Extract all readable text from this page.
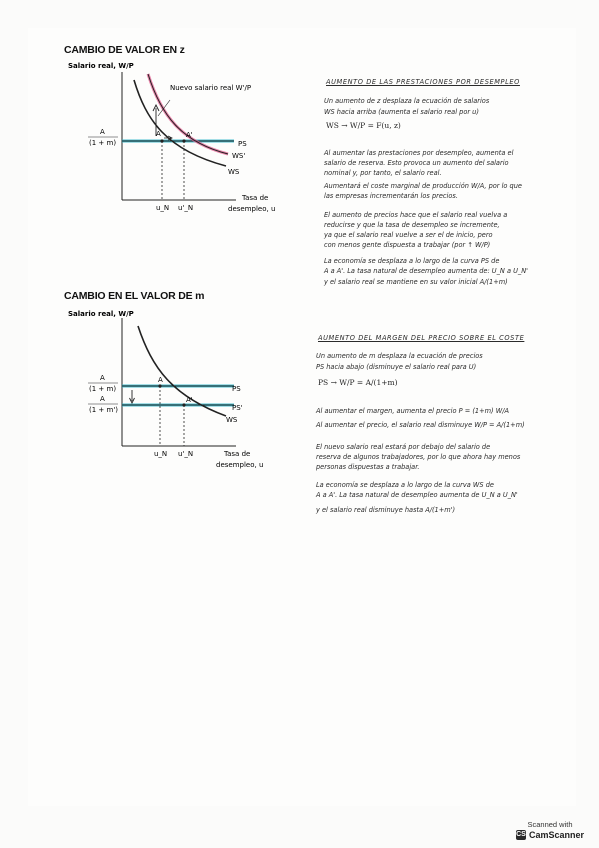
CAMBIO DE VALOR EN z
Salario real, W/P
A
(1 + m)
Nuevo salario real W'/P
PS
WS'
WS
A	A'
u_N u'_N
Tasa de
desempleo, u
AUMENTO DE LAS PRESTACIONES POR DESEMPLEO
Un aumento de z desplaza la ecuación de salarios
WS hacia arriba (aumenta el salario real por u)
WS → W/P = F(u, z)
Al aumentar las prestaciones por desempleo, aumenta el
salario de reserva. Esto provoca un aumento del salario
nominal y, por tanto, el salario real.
Aumentará el coste marginal de producción W/A, por lo que
las empresas incrementarán los precios.
El aumento de precios hace que el salario real vuelva a
reducirse y que la tasa de desempleo se incremente,
ya que el salario real vuelve a ser el de inicio, pero
con menos gente dispuesta a trabajar (por ↑ W/P)
La economía se desplaza a lo largo de la curva PS de
A a A'. La tasa natural de desempleo aumenta de: U_N a U_N'
y el salario real se mantiene en su valor inicial A/(1+m)
CAMBIO EN EL VALOR DE m
Salario real, W/P
A
(1 + m)
A
(1 + m')
PS
PS'
WS
A
A'
u_N u'_N	Tasa de
desempleo, u
AUMENTO DEL MARGEN DEL PRECIO SOBRE EL COSTE
Un aumento de m desplaza la ecuación de precios
PS hacia abajo (disminuye el salario real para U)
PS → W/P = A/(1+m)
Al aumentar el margen, aumenta el precio P = (1+m) W/A
Al aumentar el precio, el salario real disminuye W/P = A/(1+m)
El nuevo salario real estará por debajo del salario de
reserva de algunos trabajadores, por lo que ahora hay menos
personas dispuestas a trabajar.
La economía se desplaza a lo largo de la curva WS de
A a A'. La tasa natural de desempleo aumenta de U_N a U_N'
y el salario real disminuye hasta A/(1+m')
Scanned with
CS CamScanner
